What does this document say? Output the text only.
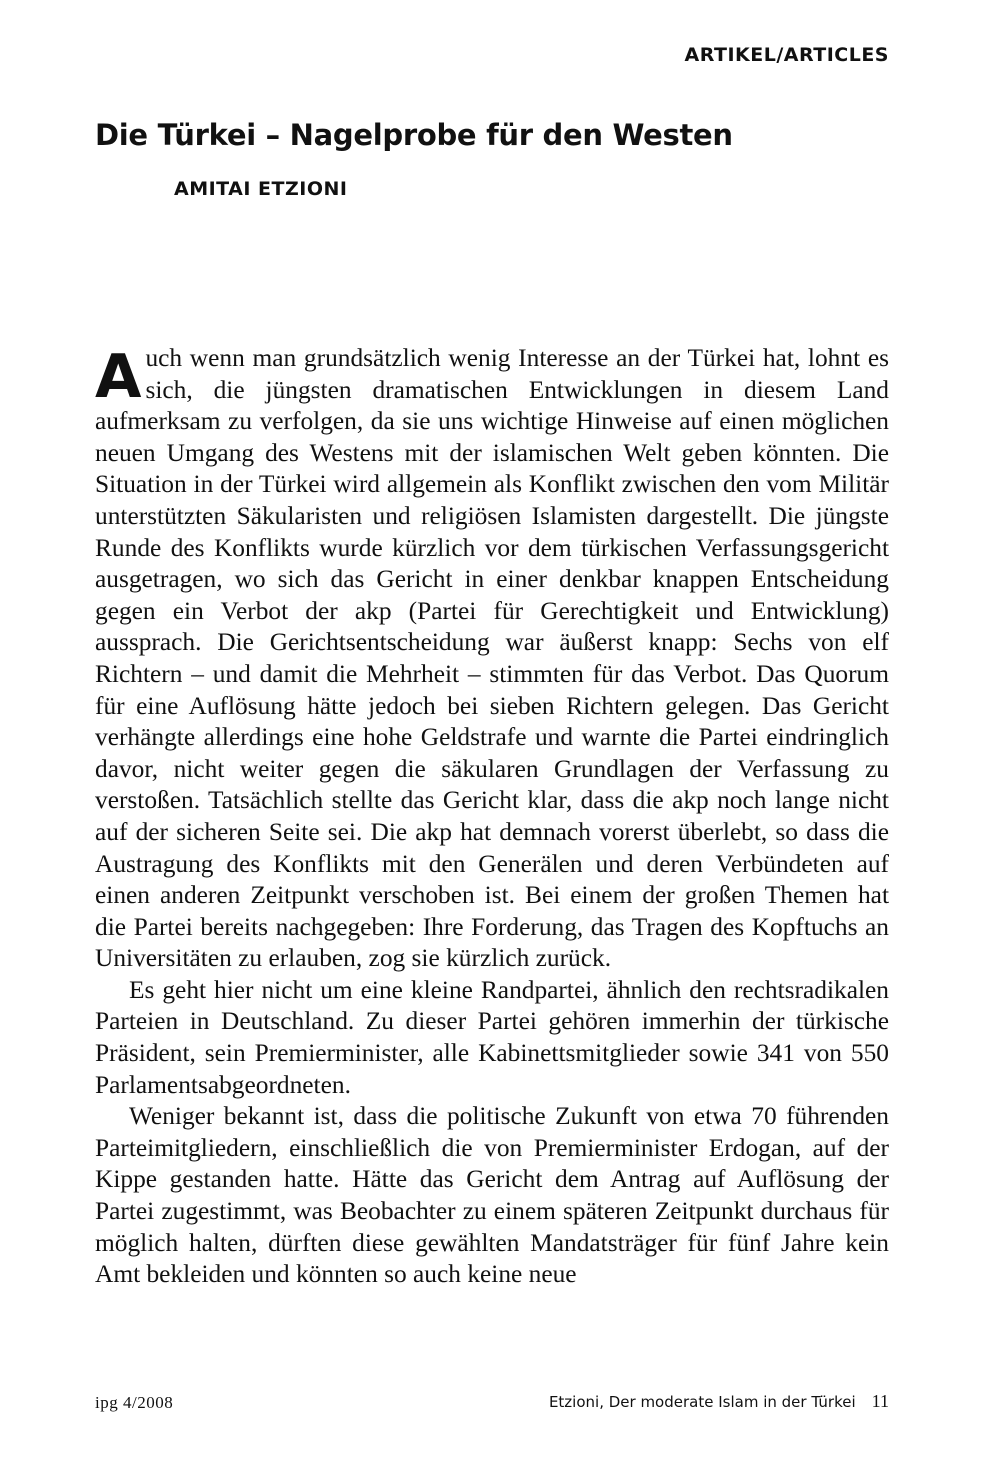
ARTIKEL/ARTICLES
Die Türkei – Nagelprobe für den Westen
AMITAI ETZIONI

Auch wenn man grundsätzlich wenig Interesse an der Türkei hat, lohnt es sich, die jüngsten dramatischen Entwicklungen in diesem Land aufmerksam zu verfolgen, da sie uns wichtige Hinweise auf einen möglichen neuen Umgang des Westens mit der islamischen Welt geben könnten. Die Situation in der Türkei wird allgemein als Konflikt zwischen den vom Militär unterstützten Säkularisten und religiösen Islamisten dargestellt. Die jüngste Runde des Konflikts wurde kürzlich vor dem türkischen Verfassungsgericht ausgetragen, wo sich das Gericht in einer denkbar knappen Entscheidung gegen ein Verbot der akp (Partei für Gerechtigkeit und Entwicklung) aussprach. Die Gerichtsentscheidung war äußerst knapp: Sechs von elf Richtern – und damit die Mehrheit – stimmten für das Verbot. Das Quorum für eine Auflösung hätte jedoch bei sieben Richtern gelegen. Das Gericht verhängte allerdings eine hohe Geldstrafe und warnte die Partei eindringlich davor, nicht weiter gegen die säkularen Grundlagen der Verfassung zu verstoßen. Tatsächlich stellte das Gericht klar, dass die akp noch lange nicht auf der sicheren Seite sei. Die akp hat demnach vorerst überlebt, so dass die Austragung des Konflikts mit den Generälen und deren Verbündeten auf einen anderen Zeitpunkt verschoben ist. Bei einem der großen Themen hat die Partei bereits nachgegeben: Ihre Forderung, das Tragen des Kopftuchs an Universitäten zu erlauben, zog sie kürzlich zurück.

Es geht hier nicht um eine kleine Randpartei, ähnlich den rechtsradikalen Parteien in Deutschland. Zu dieser Partei gehören immerhin der türkische Präsident, sein Premierminister, alle Kabinettsmitglieder sowie 341 von 550 Parlamentsabgeordneten.

Weniger bekannt ist, dass die politische Zukunft von etwa 70 führenden Parteimitgliedern, einschließlich die von Premierminister Erdogan, auf der Kippe gestanden hatte. Hätte das Gericht dem Antrag auf Auflösung der Partei zugestimmt, was Beobachter zu einem späteren Zeitpunkt durchaus für möglich halten, dürften diese gewählten Mandatsträger für fünf Jahre kein Amt bekleiden und könnten so auch keine neue

ipg 4/2008	Etzioni, Der moderate Islam in der Türkei 11
